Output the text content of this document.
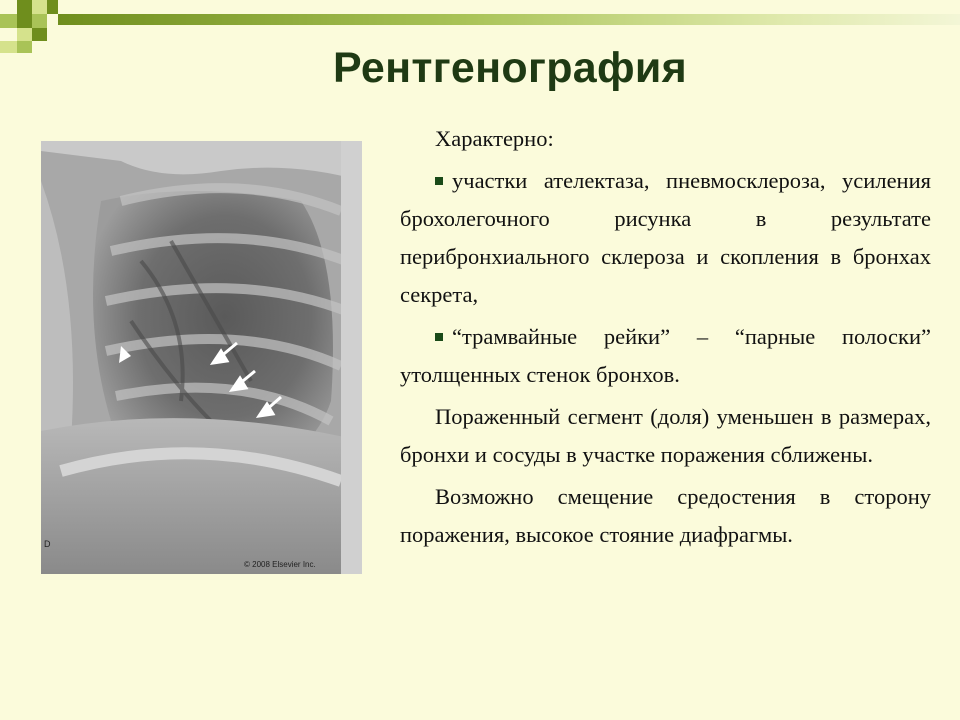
Рентгенография
D
© 2008 Elsevier Inc.

Характерно:

участки ателектаза, пневмосклероза, усиления брохолегочного рисунка в результате перибронхиального склероза и скопления в бронхах секрета,

“трамвайные рейки” – “парные полоски” утолщенных стенок бронхов.

Пораженный сегмент (доля) уменьшен в размерах, бронхи и сосуды в участке поражения сближены.

Возможно смещение средостения в сторону поражения, высокое стояние диафрагмы.
